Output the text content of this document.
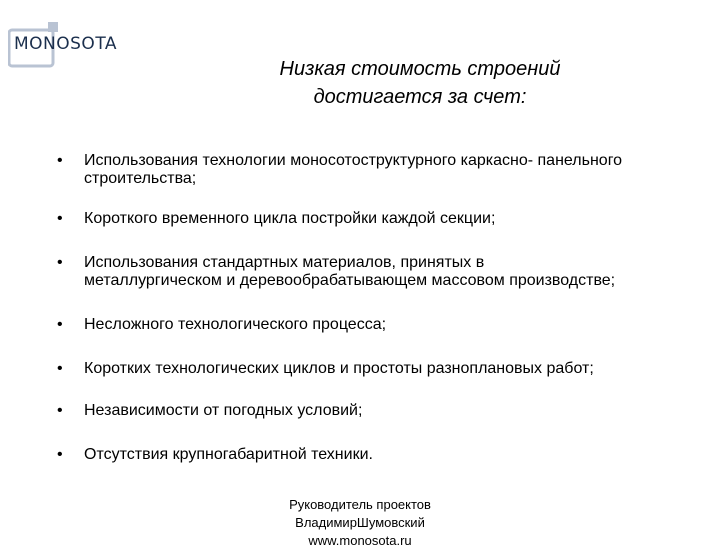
MONOSOTA
Низкая стоимость строений
достигается за счет:
• Использования технологии моносотоструктурного каркасно- панельного
строительства;
• Короткого временного цикла постройки каждой секции;
• Использования стандартных материалов, принятых в
металлургическом и деревообрабатывающем массовом производстве;
• Несложного технологического процесса;
• Коротких технологических циклов и простоты разноплановых работ;
• Независимости от погодных условий;
• Отсутствия крупногабаритной техники.
Руководитель проектов
ВладимирШумовский
www.monosota.ru
